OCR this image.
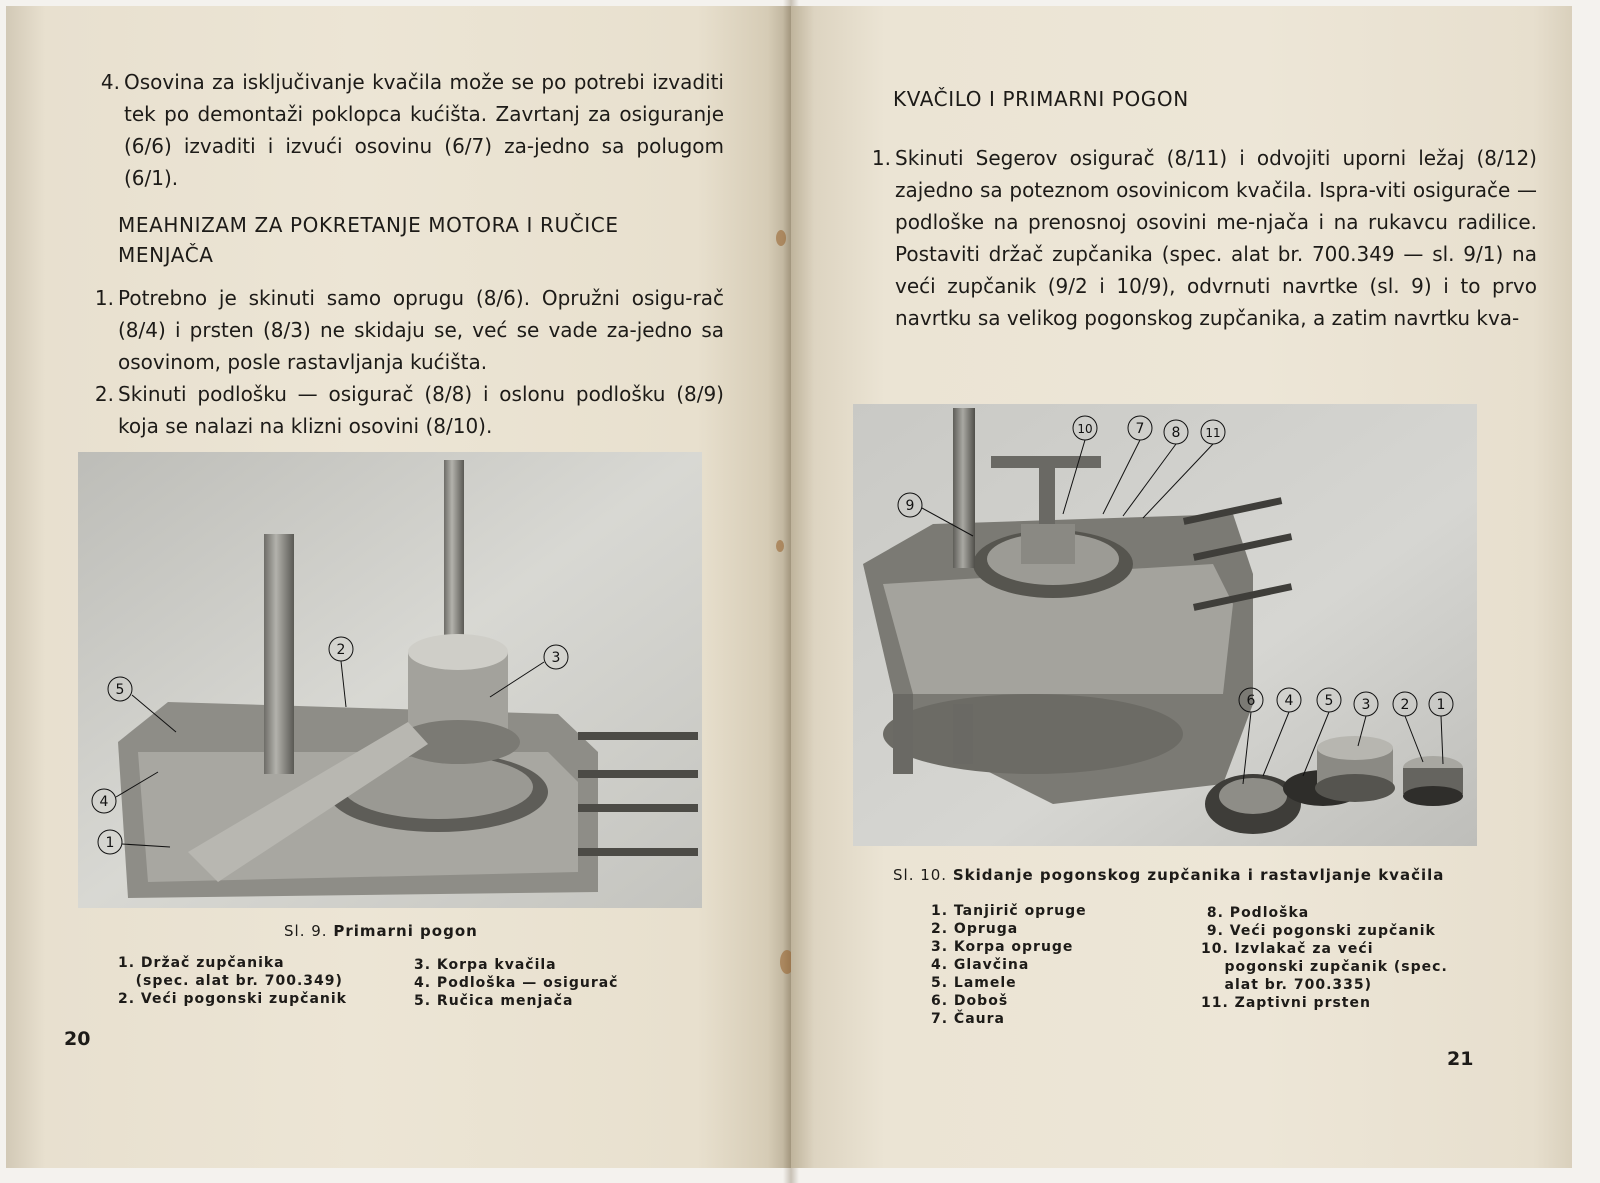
4. Osovina za isključivanje kvačila može se po potrebi izvaditi tek po demontaži poklopca kućišta. Zavrtanj za osiguranje (6/6) izvaditi i izvući osovinu (6/7) za-jedno sa polugom (6/1).
MEAHNIZAM ZA POKRETANJE MOTORA I RUČICE MENJAČA
1. Potrebno je skinuti samo oprugu (8/6). Opružni osigu-rač (8/4) i prsten (8/3) ne skidaju se, već se vade za-jedno sa osovinom, posle rastavljanja kućišta.
2. Skinuti podlošku — osigurač (8/8) i oslonu podlošku (8/9) koja se nalazi na klizni osovini (8/10).
5
2	3
4
1
Sl. 9. Primarni pogon
1. Držač zupčanika
(spec. alat br. 700.349)
2. Veći pogonski zupčanik
3. Korpa kvačila
4. Podloška — osigurač
5. Ručica menjača
20
KVAČILO I PRIMARNI POGON
1. Skinuti Segerov osigurač (8/11) i odvojiti uporni ležaj (8/12) zajedno sa poteznom osovinicom kvačila. Ispra-viti osigurače — podloške na prenosnoj osovini me-njača i na rukavcu radilice. Postaviti držač zupčanika (spec. alat br. 700.349 — sl. 9/1) na veći zupčanik (9/2 i 10/9), odvrnuti navrtke (sl. 9) i to prvo navrtku sa velikog pogonskog zupčanika, a zatim navrtku kva-
9
10	7 8 11
6 4 5 3 2 1
Sl. 10. Skidanje pogonskog zupčanika i rastavljanje kvačila
1. Tanjirič opruge
2. Opruga
3. Korpa opruge
4. Glavčina
5. Lamele
6. Doboš
7. Čaura
8. Podloška
9. Veći pogonski zupčanik
10. Izvlakač za veći
pogonski zupčanik (spec.
alat br. 700.335)
11. Zaptivni prsten
21
